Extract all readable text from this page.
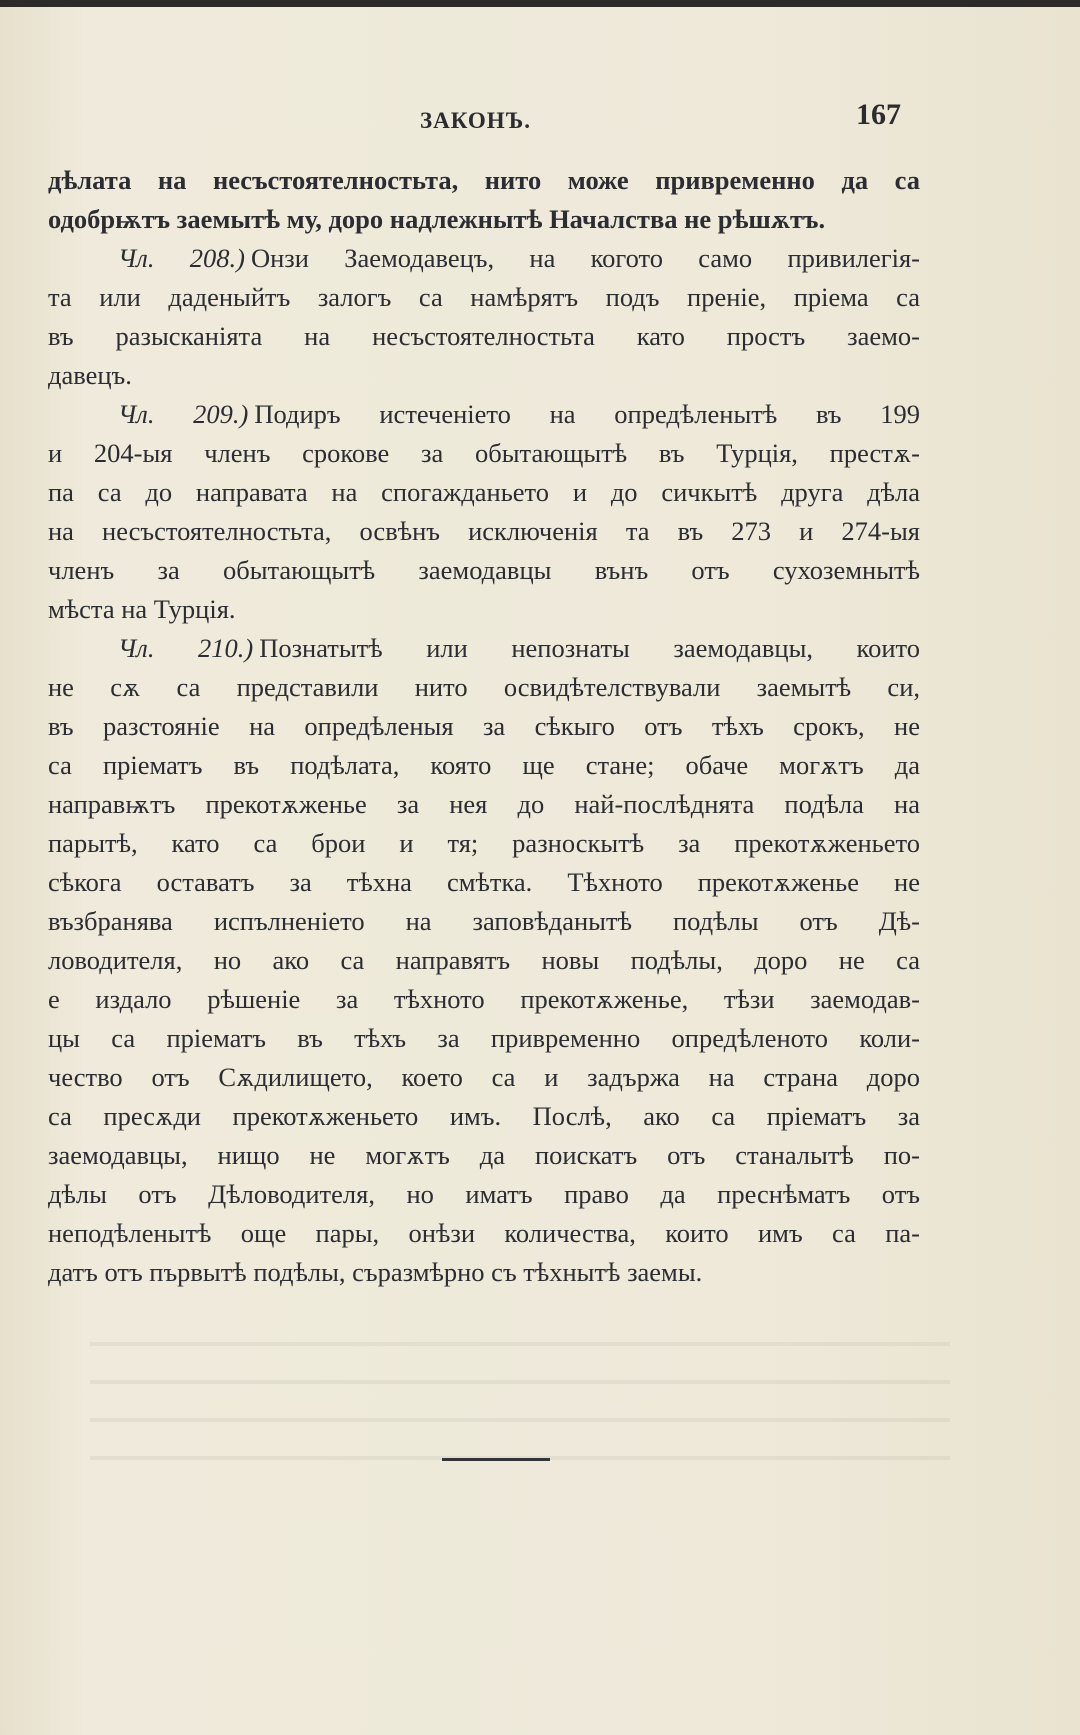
ЗАКОНЪ.	167
дѣлата на несъстоятелностьта, нито може привременно да са
одобрѭтъ заемытѣ му, доро надлежнытѣ Началства не рѣшѫтъ.
Чл. 208.) Онзи Заемодавецъ, на когото само привилегія-
та или даденыйтъ залогъ са намѣрятъ подъ преніе, пріема са
въ разысканіята на несъстоятелностьта като простъ заемо-
давецъ.
Чл. 209.) Подиръ истеченіето на опредѣленытѣ въ 199
и 204-ыя членъ срокове за обытающытѣ въ Турція, престѫ-
па са до направата на спогажданьето и до сичкытѣ друга дѣла
на несъстоятелностьта, освѣнъ исключенія та въ 273 и 274-ыя
членъ за обытающытѣ заемодавцы вънъ отъ сухоземнытѣ
мѣста на Турція.
Чл. 210.) Познатытѣ или непознаты заемодавцы, които
не сѫ са представили нито освидѣтелствували заемытѣ си,
въ разстояніе на опредѣленыя за сѣкыго отъ тѣхъ срокъ, не
са пріематъ въ подѣлата, която ще стане; обаче могѫтъ да
направѭтъ прекотѫженье за нея до най-послѣднята подѣла на
парытѣ, като са брои и тя; разноскытѣ за прекотѫженьето
сѣкога оставатъ за тѣхна смѣтка. Тѣхното прекотѫженье не
възбранява испълненіето на заповѣданытѣ подѣлы отъ Дѣ-
ловодителя, но ако са направятъ новы подѣлы, доро не са
е издало рѣшеніе за тѣхното прекотѫженье, тѣзи заемодав-
цы са пріематъ въ тѣхъ за привременно опредѣленото коли-
чество отъ Сѫдилището, което са и задържа на страна доро
са пресѫди прекотѫженьето имъ. Послѣ, ако са пріематъ за
заемодавцы, нищо не могѫтъ да поискатъ отъ станалытѣ по-
дѣлы отъ Дѣловодителя, но иматъ право да преснѣматъ отъ
неподѣленытѣ още пары, онѣзи количества, които имъ са па-
датъ отъ първытѣ подѣлы, съразмѣрно съ тѣхнытѣ заемы.
